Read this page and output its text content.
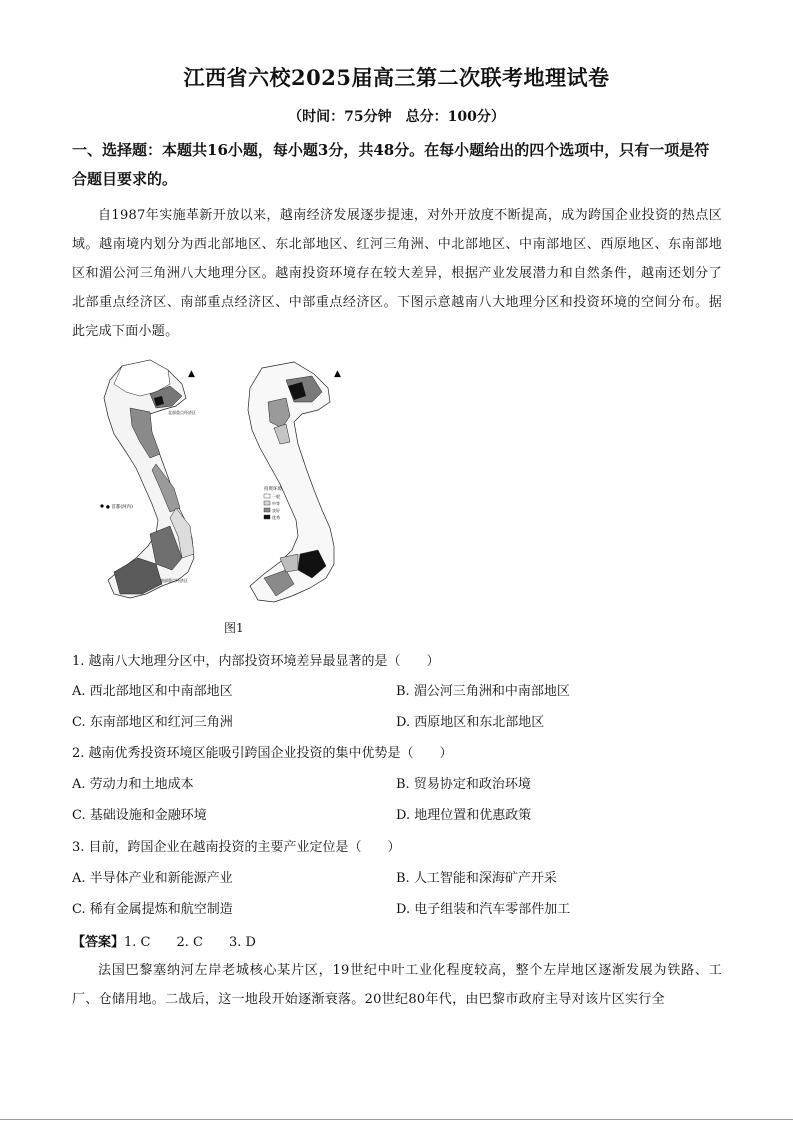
江西省六校2025届高三第二次联考地理试卷
（时间：75分钟　总分：100分）
一、选择题：本题共16小题，每小题3分，共48分。在每小题给出的四个选项中，只有一项是符合题目要求的。
自1987年实施革新开放以来，越南经济发展逐步提速，对外开放度不断提高，成为跨国企业投资的热点区域。越南境内划分为西北部地区、东北部地区、红河三角洲、中北部地区、中南部地区、西原地区、东南部地区和湄公河三角洲八大地理分区。越南投资环境存在较大差异，根据产业发展潜力和自然条件，越南还划分了北部重点经济区、南部重点经济区、中部重点经济区。下图示意越南八大地理分区和投资环境的空间分布。据此完成下面小题。
● 首都(河内)
北部重点经济区
南部重点经济区
▲	▲
投资环境
一般
中等
良好
优秀
图1
1. 越南八大地理分区中，内部投资环境差异最显著的是（　　）
A. 西北部地区和中南部地区	B. 湄公河三角洲和中南部地区
C. 东南部地区和红河三角洲	D. 西原地区和东北部地区
2. 越南优秀投资环境区能吸引跨国企业投资的集中优势是（　　）
A. 劳动力和土地成本	B. 贸易协定和政治环境
C. 基础设施和金融环境	D. 地理位置和优惠政策
3. 目前，跨国企业在越南投资的主要产业定位是（　　）
A. 半导体产业和新能源产业	B. 人工智能和深海矿产开采
C. 稀有金属提炼和航空制造	D. 电子组装和汽车零部件加工
【答案】1. C　　2. C　　3. D
法国巴黎塞纳河左岸老城核心某片区，19世纪中叶工业化程度较高，整个左岸地区逐渐发展为铁路、工厂、仓储用地。二战后，这一地段开始逐渐衰落。20世纪80年代，由巴黎市政府主导对该片区实行全
